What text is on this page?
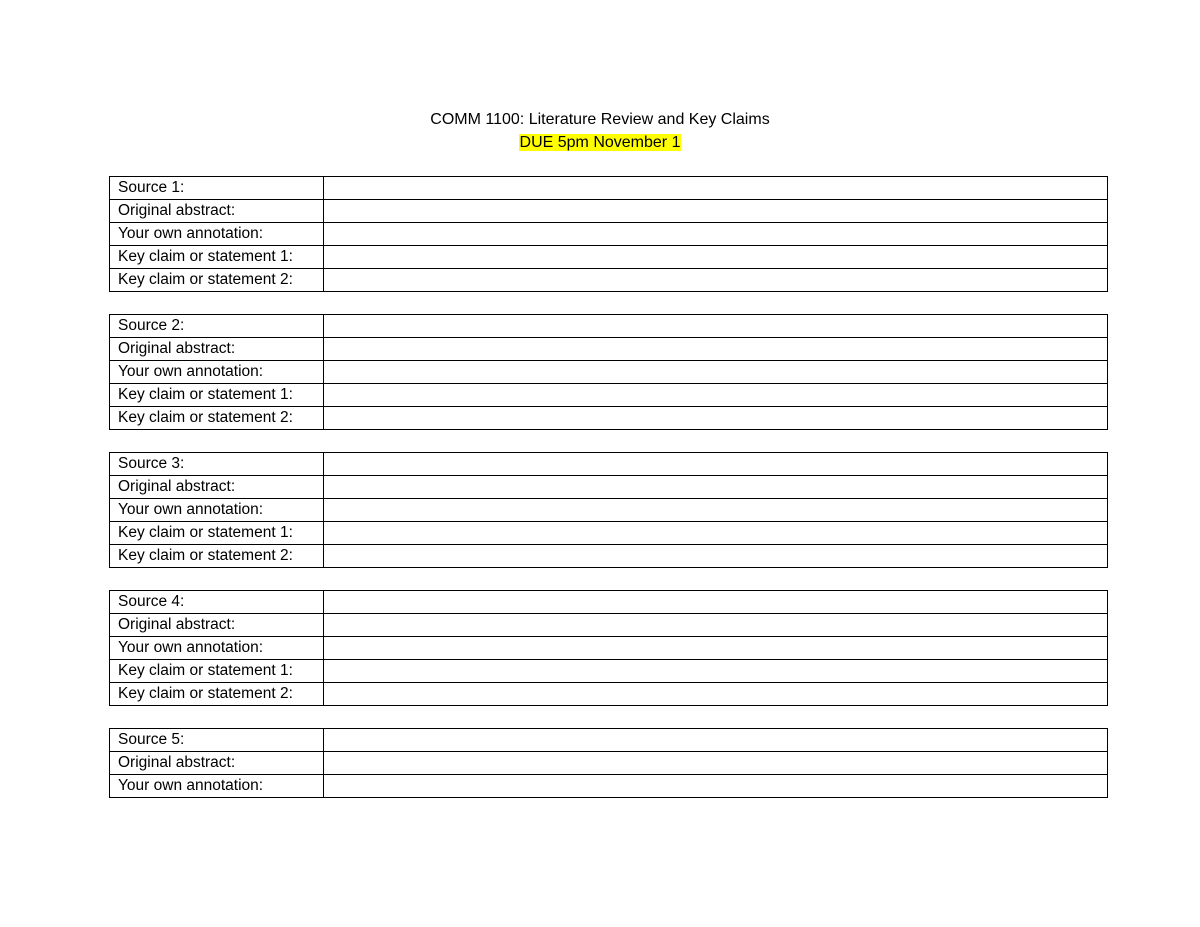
COMM 1100: Literature Review and Key Claims

DUE 5pm November 1

Source 1:	
Original abstract:	
Your own annotation:	
Key claim or statement 1:	
Key claim or statement 2:	
Source 2:	
Original abstract:	
Your own annotation:	
Key claim or statement 1:	
Key claim or statement 2:	
Source 3:	
Original abstract:	
Your own annotation:	
Key claim or statement 1:	
Key claim or statement 2:	
Source 4:	
Original abstract:	
Your own annotation:	
Key claim or statement 1:	
Key claim or statement 2:	
Source 5:	
Original abstract:	
Your own annotation:	
